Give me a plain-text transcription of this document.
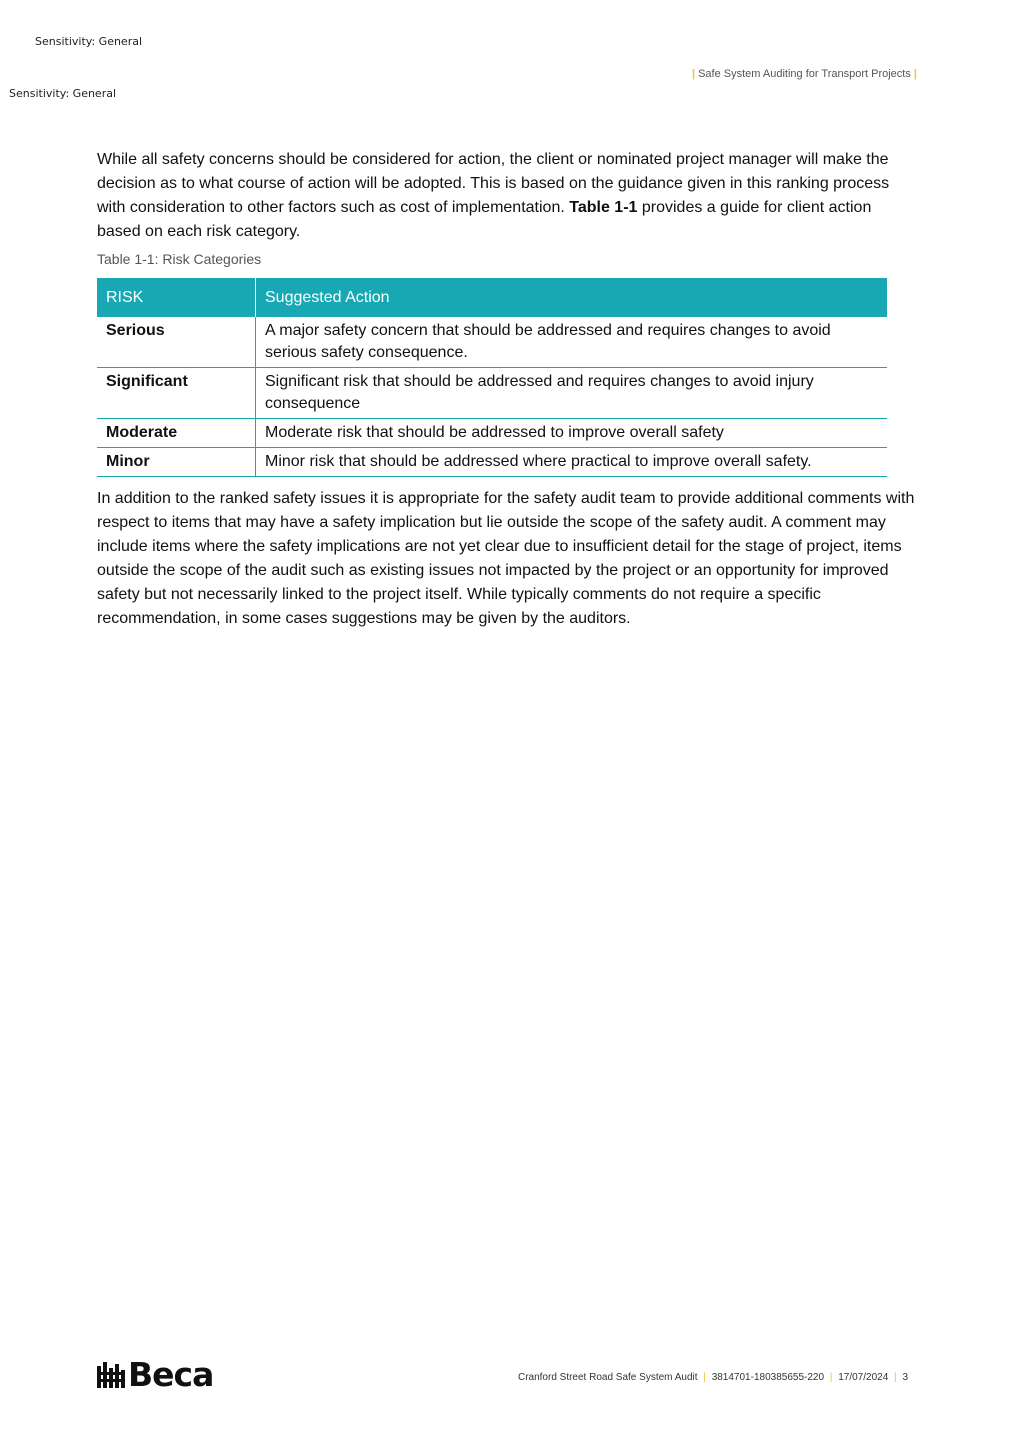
Sensitivity: General
Sensitivity: General
| Safe System Auditing for Transport Projects |
While all safety concerns should be considered for action, the client or nominated project manager will make the decision as to what course of action will be adopted. This is based on the guidance given in this ranking process with consideration to other factors such as cost of implementation. Table 1-1 provides a guide for client action based on each risk category.
Table 1-1: Risk Categories
RISK	Suggested Action
Serious	A major safety concern that should be addressed and requires changes to avoid serious safety consequence.
Significant	Significant risk that should be addressed and requires changes to avoid injury consequence
Moderate	Moderate risk that should be addressed to improve overall safety
Minor	Minor risk that should be addressed where practical to improve overall safety.
In addition to the ranked safety issues it is appropriate for the safety audit team to provide additional comments with respect to items that may have a safety implication but lie outside the scope of the safety audit. A comment may include items where the safety implications are not yet clear due to insufficient detail for the stage of project, items outside the scope of the audit such as existing issues not impacted by the project or an opportunity for improved safety but not necessarily linked to the project itself. While typically comments do not require a specific recommendation, in some cases suggestions may be given by the auditors.
Beca	Cranford Street Road Safe System Audit | 3814701-180385655-220 | 17/07/2024 | 3
